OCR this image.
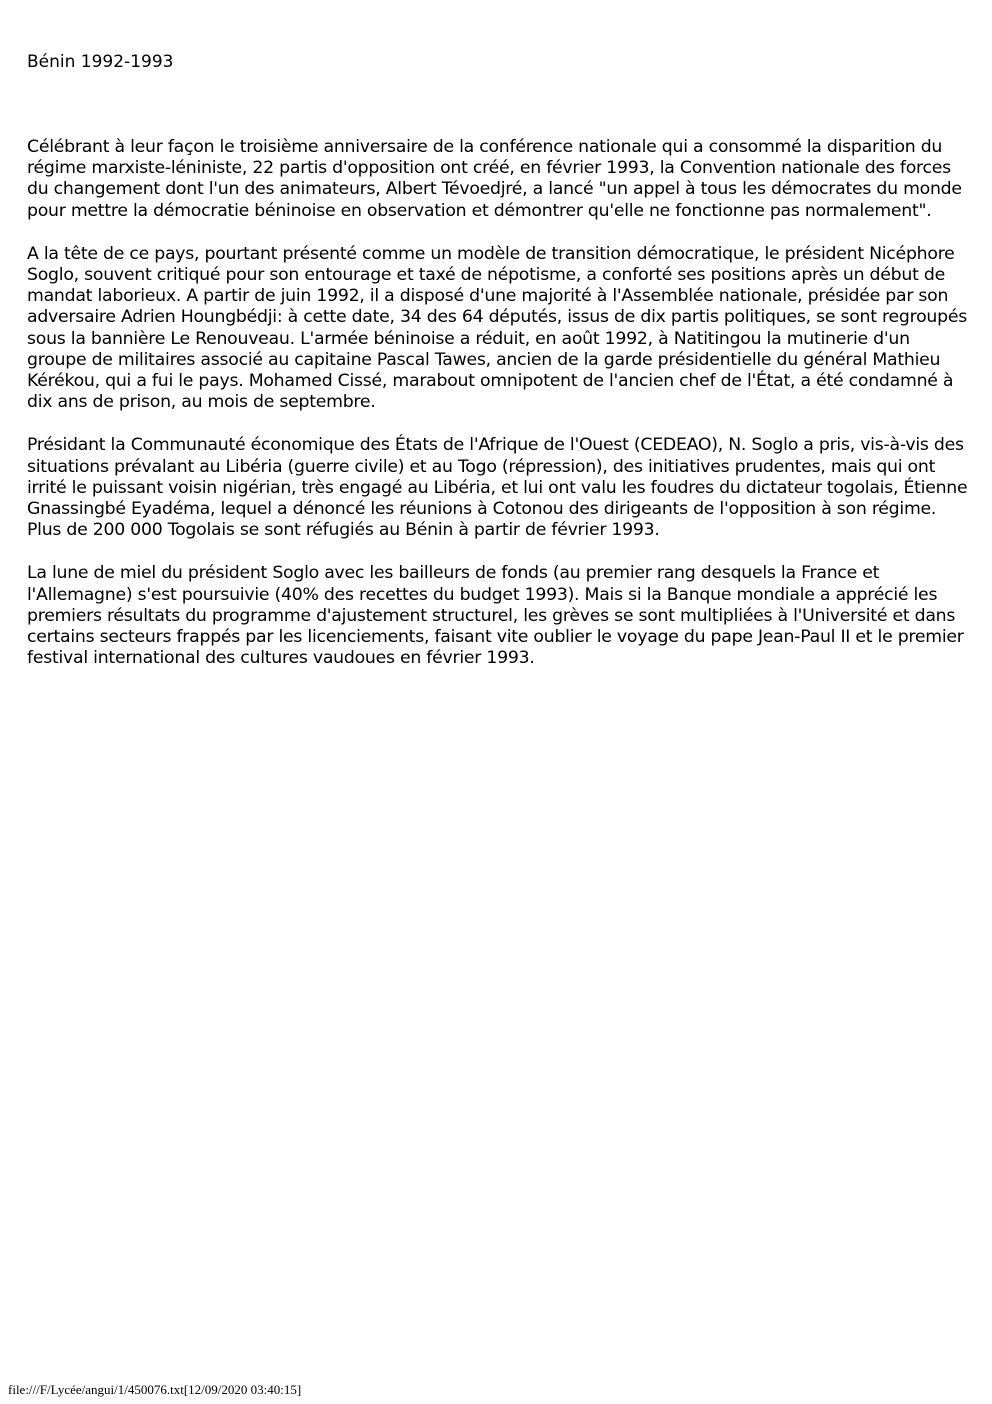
Bénin 1992-1993

Célébrant à leur façon le troisième anniversaire de la conférence nationale qui a consommé la disparition du régime marxiste-léniniste, 22 partis d'opposition ont créé, en février 1993, la Convention nationale des forces du changement dont l'un des animateurs, Albert Tévoedjré, a lancé "un appel à tous les démocrates du monde pour mettre la démocratie béninoise en observation et démontrer qu'elle ne fonctionne pas normalement".

A la tête de ce pays, pourtant présenté comme un modèle de transition démocratique, le président Nicéphore Soglo, souvent critiqué pour son entourage et taxé de népotisme, a conforté ses positions après un début de mandat laborieux. A partir de juin 1992, il a disposé d'une majorité à l'Assemblée nationale, présidée par son adversaire Adrien Houngbédji: à cette date, 34 des 64 députés, issus de dix partis politiques, se sont regroupés sous la bannière Le Renouveau. L'armée béninoise a réduit, en août 1992, à Natitingou la mutinerie d'un groupe de militaires associé au capitaine Pascal Tawes, ancien de la garde présidentielle du général Mathieu Kérékou, qui a fui le pays. Mohamed Cissé, marabout omnipotent de l'ancien chef de l'État, a été condamné à dix ans de prison, au mois de septembre.

Présidant la Communauté économique des États de l'Afrique de l'Ouest (CEDEAO), N. Soglo a pris, vis-à-vis des situations prévalant au Libéria (guerre civile) et au Togo (répression), des initiatives prudentes, mais qui ont irrité le puissant voisin nigérian, très engagé au Libéria, et lui ont valu les foudres du dictateur togolais, Étienne Gnassingbé Eyadéma, lequel a dénoncé les réunions à Cotonou des dirigeants de l'opposition à son régime. Plus de 200 000 Togolais se sont réfugiés au Bénin à partir de février 1993.

La lune de miel du président Soglo avec les bailleurs de fonds (au premier rang desquels la France et l'Allemagne) s'est poursuivie (40% des recettes du budget 1993). Mais si la Banque mondiale a apprécié les premiers résultats du programme d'ajustement structurel, les grèves se sont multipliées à l'Université et dans certains secteurs frappés par les licenciements, faisant vite oublier le voyage du pape Jean-Paul II et le premier festival international des cultures vaudoues en février 1993.

file:///F/Lycée/angui/1/450076.txt[12/09/2020 03:40:15]
